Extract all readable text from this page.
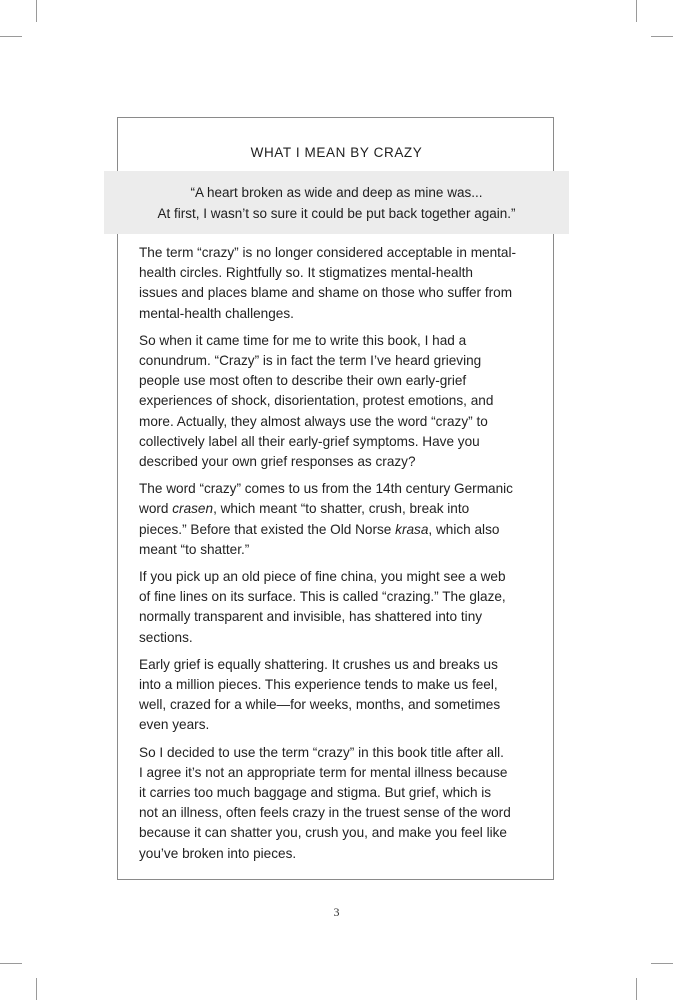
WHAT I MEAN BY CRAZY
“A heart broken as wide and deep as mine was...
At first, I wasn’t so sure it could be put back together again.”
The term “crazy” is no longer considered acceptable in mental-
health circles. Rightfully so. It stigmatizes mental-health
issues and places blame and shame on those who suffer from
mental-health challenges.
So when it came time for me to write this book, I had a
conundrum. “Crazy” is in fact the term I’ve heard grieving
people use most often to describe their own early-grief
experiences of shock, disorientation, protest emotions, and
more. Actually, they almost always use the word “crazy” to
collectively label all their early-grief symptoms. Have you
described your own grief responses as crazy?
The word “crazy” comes to us from the 14th century Germanic
word crasen, which meant “to shatter, crush, break into
pieces.” Before that existed the Old Norse krasa, which also
meant “to shatter.”
If you pick up an old piece of fine china, you might see a web
of fine lines on its surface. This is called “crazing.” The glaze,
normally transparent and invisible, has shattered into tiny
sections.
Early grief is equally shattering. It crushes us and breaks us
into a million pieces. This experience tends to make us feel,
well, crazed for a while—for weeks, months, and sometimes
even years.
So I decided to use the term “crazy” in this book title after all.
I agree it’s not an appropriate term for mental illness because
it carries too much baggage and stigma. But grief, which is
not an illness, often feels crazy in the truest sense of the word
because it can shatter you, crush you, and make you feel like
you’ve broken into pieces.
3
